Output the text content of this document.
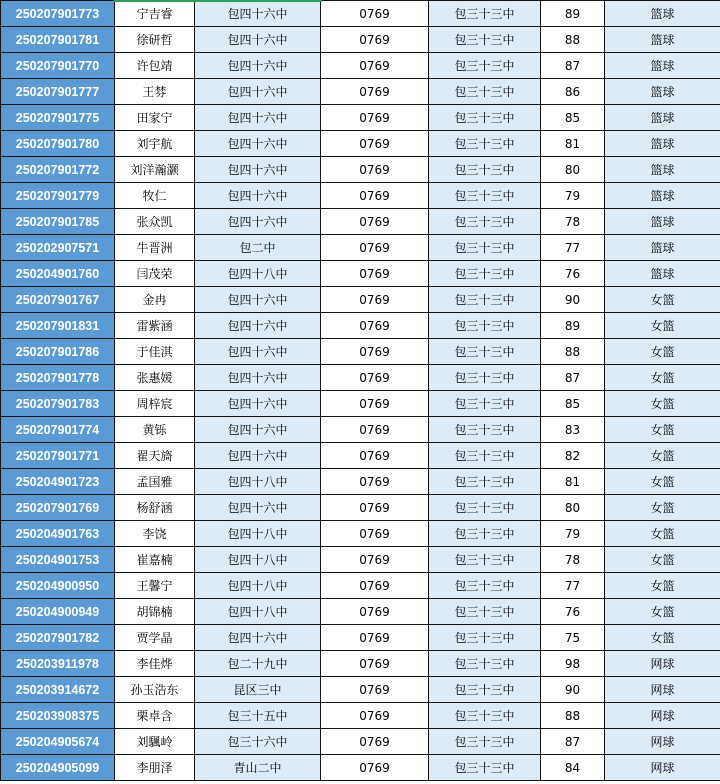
250207901773	宁吉睿	包四十六中	0769	包三十三中	89	篮球
250207901781	徐研哲	包四十六中	0769	包三十三中	88	篮球
250207901770	许包靖	包四十六中	0769	包三十三中	87	篮球
250207901777	王棼	包四十六中	0769	包三十三中	86	篮球
250207901775	田家宁	包四十六中	0769	包三十三中	85	篮球
250207901780	刘宇航	包四十六中	0769	包三十三中	81	篮球
250207901772	刘洋瀚灏	包四十六中	0769	包三十三中	80	篮球
250207901779	牧仁	包四十六中	0769	包三十三中	79	篮球
250207901785	张众凯	包四十六中	0769	包三十三中	78	篮球
250202907571	牛晋洲	包二中	0769	包三十三中	77	篮球
250204901760	闫茂荣	包四十八中	0769	包三十三中	76	篮球
250207901767	金冉	包四十六中	0769	包三十三中	90	女篮
250207901831	雷紫涵	包四十六中	0769	包三十三中	89	女篮
250207901786	于佳淇	包四十六中	0769	包三十三中	88	女篮
250207901778	张惠媛	包四十六中	0769	包三十三中	87	女篮
250207901783	周梓宸	包四十六中	0769	包三十三中	85	女篮
250207901774	黄铄	包四十六中	0769	包三十三中	83	女篮
250207901771	翟天旖	包四十六中	0769	包三十三中	82	女篮
250204901723	孟国雅	包四十八中	0769	包三十三中	81	女篮
250207901769	杨舒涵	包四十六中	0769	包三十三中	80	女篮
250204901763	李饶	包四十八中	0769	包三十三中	79	女篮
250204901753	崔嘉楠	包四十八中	0769	包三十三中	78	女篮
250204900950	王馨宁	包四十八中	0769	包三十三中	77	女篮
250204900949	胡锦楠	包四十八中	0769	包三十三中	76	女篮
250207901782	贾学晶	包四十六中	0769	包三十三中	75	女篮
250203911978	李佳烨	包二十九中	0769	包三十三中	98	网球
250203914672	孙玉浩东	昆区三中	0769	包三十三中	90	网球
250203908375	栗卓含	包三十五中	0769	包三十三中	88	网球
250204905674	刘颿岭	包三十六中	0769	包三十三中	87	网球
250204905099	李朋泽	青山二中	0769	包三十三中	84	网球
